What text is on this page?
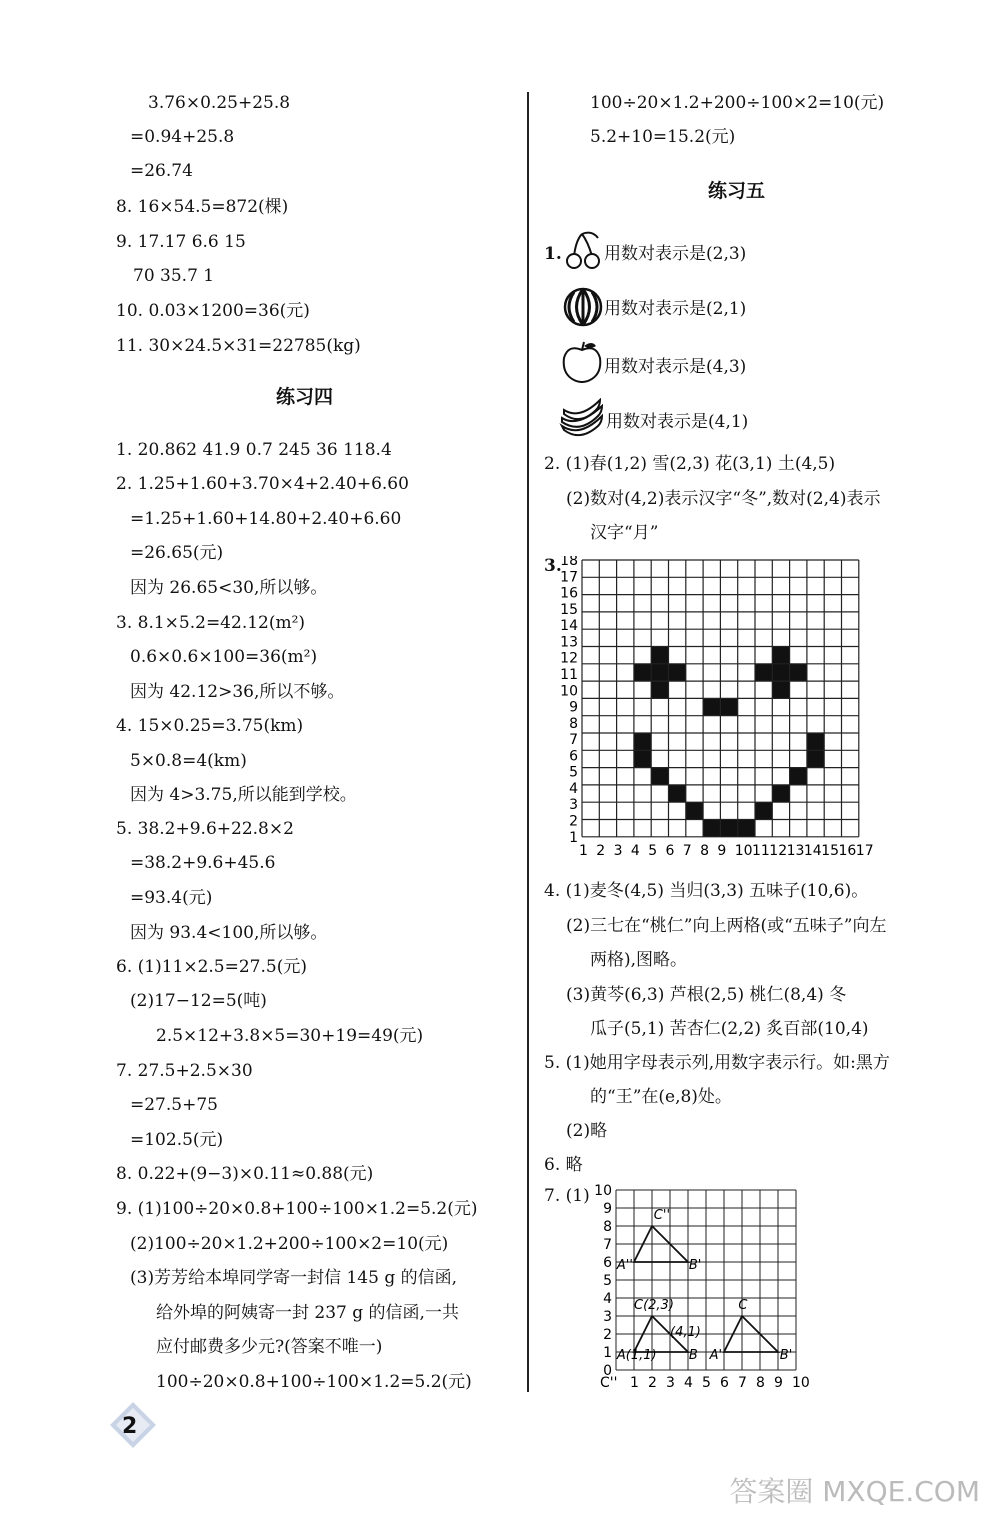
3.76×0.25+25.8
=0.94+25.8
=26.74
8. 16×54.5=872(棵)
9. 17.17 6.6 15
70 35.7 1
10. 0.03×1200=36(元)
11. 30×24.5×31=22785(kg)
练习四
1. 20.862 41.9 0.7 245 36 118.4
2. 1.25+1.60+3.70×4+2.40+6.60
=1.25+1.60+14.80+2.40+6.60
=26.65(元)
因为 26.65<30,所以够。
3. 8.1×5.2=42.12(m²)
0.6×0.6×100=36(m²)
因为 42.12>36,所以不够。
4. 15×0.25=3.75(km)
5×0.8=4(km)
因为 4>3.75,所以能到学校。
5. 38.2+9.6+22.8×2
=38.2+9.6+45.6
=93.4(元)
因为 93.4<100,所以够。
6. (1)11×2.5=27.5(元)
(2)17−12=5(吨)
2.5×12+3.8×5=30+19=49(元)
7. 27.5+2.5×30
=27.5+75
=102.5(元)
8. 0.22+(9−3)×0.11≈0.88(元)
9. (1)100÷20×0.8+100÷100×1.2=5.2(元)
(2)100÷20×1.2+200÷100×2=10(元)
(3)芳芳给本埠同学寄一封信 145 g 的信函,
给外埠的阿姨寄一封 237 g 的信函,一共
应付邮费多少元?(答案不唯一)
100÷20×0.8+100÷100×1.2=5.2(元)
100÷20×1.2+200÷100×2=10(元)
5.2+10=15.2(元)
练习五
1. 用数对表示是(2,3)
用数对表示是(2,1)
用数对表示是(4,3)
用数对表示是(4,1)
2. (1)春(1,2) 雪(2,3) 花(3,1) 土(4,5)
(2)数对(4,2)表示汉字“冬”,数对(2,4)表示
汉字“月”
3.
18
17
16
15
14
13
12
11
10
9
8
7
6
5
4
3
2
1
1 2 3 4 5 6 7 8 9 10 11 12 13 14 15 16 17
4. (1)麦冬(4,5) 当归(3,3) 五味子(10,6)。
(2)三七在“桃仁”向上两格(或“五味子”向左
两格),图略。
(3)黄芩(6,3) 芦根(2,5) 桃仁(8,4) 冬
瓜子(5,1) 苦杏仁(2,2) 炙百部(10,4)
5. (1)她用字母表示列,用数字表示行。如:黑方
的“王”在(e,8)处。
(2)略
6. 略
7. (1) 10
9
8
7
6
5
4
3
2
1
0
C'' 1 2 3 4 5 6 7 8 9 10
C''
A''	B'
C(2,3)
A(1,1)
(4,1)
B
C
A'	B'
2
答案圈 MXQE.COM
